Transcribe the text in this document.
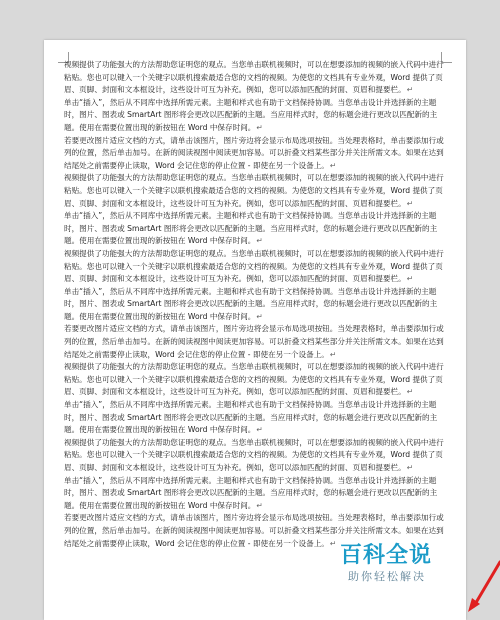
视频提供了功能强大的方法帮助您证明您的观点。当您单击联机视频时，可以在想要添加的视频的嵌入代码中进行粘贴。您也可以键入一个关键字以联机搜索最适合您的文档的视频。为使您的文档具有专业外观，Word 提供了页眉、页脚、封面和文本框设计，这些设计可互为补充。例如，您可以添加匹配的封面、页眉和提要栏。↵

单击“插入”，然后从不同库中选择所需元素。主题和样式也有助于文档保持协调。当您单击设计并选择新的主题时，图片、图表或 SmartArt 图形将会更改以匹配新的主题。当应用样式时，您的标题会进行更改以匹配新的主题。使用在需要位置出现的新按钮在 Word 中保存时间。↵

若要更改图片适应文档的方式，请单击该图片，图片旁边将会显示布局选项按钮。当处理表格时，单击要添加行或列的位置，然后单击加号。在新的阅读视图中阅读更加容易。可以折叠文档某些部分并关注所需文本。如果在达到结尾处之前需要停止读取，Word 会记住您的停止位置 - 即使在另一个设备上。↵

视频提供了功能强大的方法帮助您证明您的观点。当您单击联机视频时，可以在想要添加的视频的嵌入代码中进行粘贴。您也可以键入一个关键字以联机搜索最适合您的文档的视频。为使您的文档具有专业外观，Word 提供了页眉、页脚、封面和文本框设计，这些设计可互为补充。例如，您可以添加匹配的封面、页眉和提要栏。↵

单击“插入”，然后从不同库中选择所需元素。主题和样式也有助于文档保持协调。当您单击设计并选择新的主题时，图片、图表或 SmartArt 图形将会更改以匹配新的主题。当应用样式时，您的标题会进行更改以匹配新的主题。使用在需要位置出现的新按钮在 Word 中保存时间。↵

视频提供了功能强大的方法帮助您证明您的观点。当您单击联机视频时，可以在想要添加的视频的嵌入代码中进行粘贴。您也可以键入一个关键字以联机搜索最适合您的文档的视频。为使您的文档具有专业外观，Word 提供了页眉、页脚、封面和文本框设计，这些设计可互为补充。例如，您可以添加匹配的封面、页眉和提要栏。↵

单击“插入”，然后从不同库中选择所需元素。主题和样式也有助于文档保持协调。当您单击设计并选择新的主题时，图片、图表或 SmartArt 图形将会更改以匹配新的主题。当应用样式时，您的标题会进行更改以匹配新的主题。使用在需要位置出现的新按钮在 Word 中保存时间。↵

若要更改图片适应文档的方式，请单击该图片，图片旁边将会显示布局选项按钮。当处理表格时，单击要添加行或列的位置，然后单击加号。在新的阅读视图中阅读更加容易。可以折叠文档某些部分并关注所需文本。如果在达到结尾处之前需要停止读取，Word 会记住您的停止位置 - 即使在另一个设备上。↵

视频提供了功能强大的方法帮助您证明您的观点。当您单击联机视频时，可以在想要添加的视频的嵌入代码中进行粘贴。您也可以键入一个关键字以联机搜索最适合您的文档的视频。为使您的文档具有专业外观，Word 提供了页眉、页脚、封面和文本框设计，这些设计可互为补充。例如，您可以添加匹配的封面、页眉和提要栏。↵

单击“插入”，然后从不同库中选择所需元素。主题和样式也有助于文档保持协调。当您单击设计并选择新的主题时，图片、图表或 SmartArt 图形将会更改以匹配新的主题。当应用样式时，您的标题会进行更改以匹配新的主题。使用在需要位置出现的新按钮在 Word 中保存时间。↵

视频提供了功能强大的方法帮助您证明您的观点。当您单击联机视频时，可以在想要添加的视频的嵌入代码中进行粘贴。您也可以键入一个关键字以联机搜索最适合您的文档的视频。为使您的文档具有专业外观，Word 提供了页眉、页脚、封面和文本框设计，这些设计可互为补充。例如，您可以添加匹配的封面、页眉和提要栏。↵

单击“插入”，然后从不同库中选择所需元素。主题和样式也有助于文档保持协调。当您单击设计并选择新的主题时，图片、图表或 SmartArt 图形将会更改以匹配新的主题。当应用样式时，您的标题会进行更改以匹配新的主题。使用在需要位置出现的新按钮在 Word 中保存时间。↵

若要更改图片适应文档的方式，请单击该图片，图片旁边将会显示布局选项按钮。当处理表格时，单击要添加行或列的位置，然后单击加号。在新的阅读视图中阅读更加容易。可以折叠文档某些部分并关注所需文本。如果在达到结尾处之前需要停止读取，Word 会记住您的停止位置 - 即使在另一个设备上。↵ 百科全说
助你轻松解决
